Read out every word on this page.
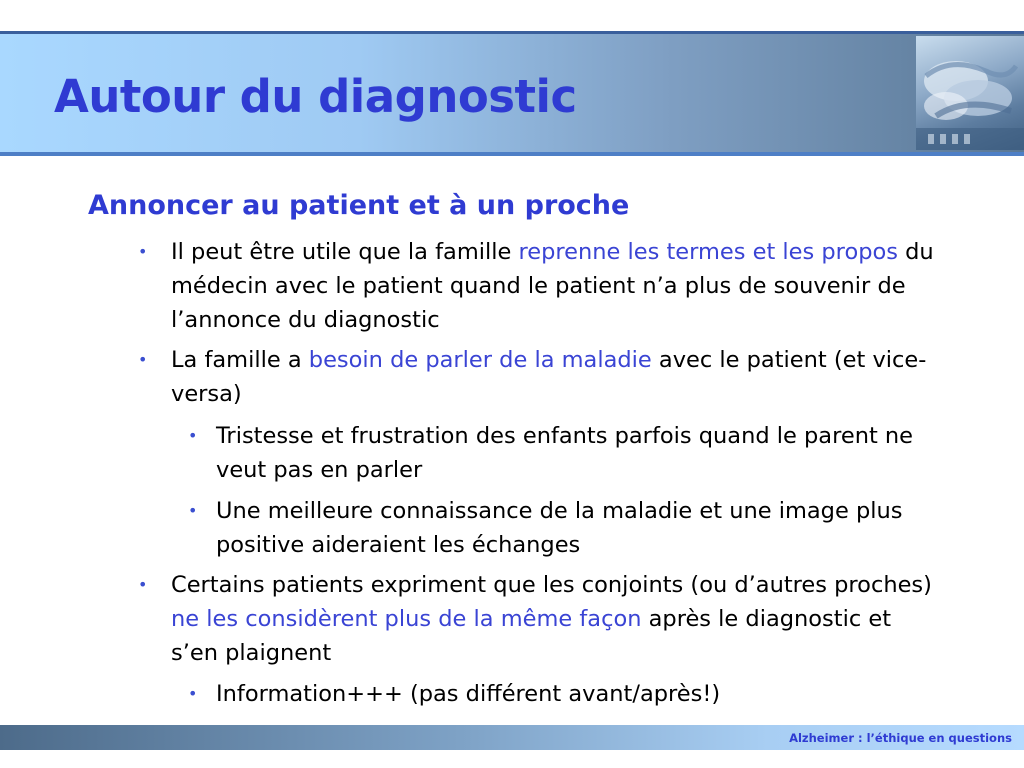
Autour du diagnostic
Annoncer au patient et à un proche
•	Il peut être utile que la famille reprenne les termes et les propos du médecin avec le patient quand le patient n’a plus de souvenir de l’annonce du diagnostic
•	La famille a besoin de parler de la maladie avec le patient (et vice-versa)
• Tristesse et frustration des enfants parfois quand le parent ne veut pas en parler
• Une meilleure connaissance de la maladie et une image plus positive aideraient les échanges
•	Certains patients expriment que les conjoints (ou d’autres proches) ne les considèrent plus de la même façon après le diagnostic et s’en plaignent
• Information+++ (pas différent avant/après!)
Alzheimer : l’éthique en questions
